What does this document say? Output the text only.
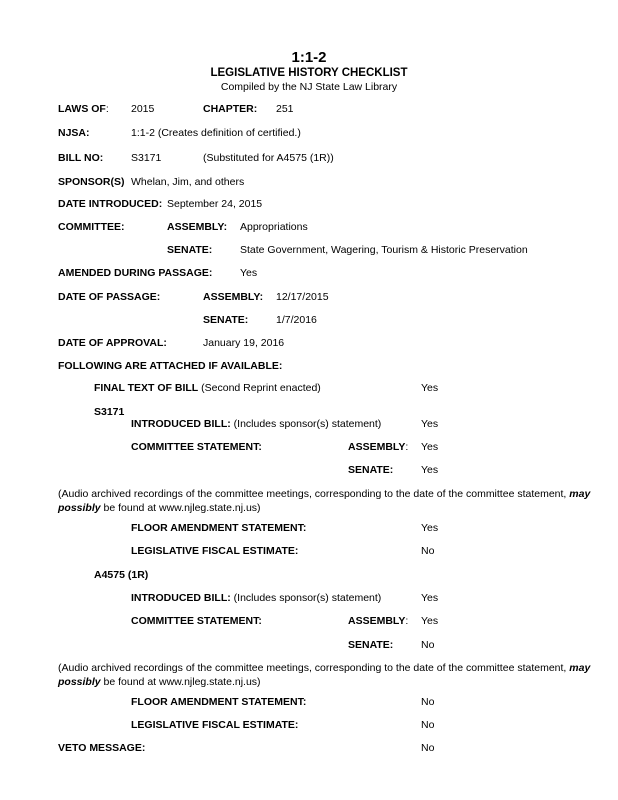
1:1-2
LEGISLATIVE HISTORY CHECKLIST
Compiled by the NJ State Law Library
LAWS OF: 2015	CHAPTER: 251
NJSA:	1:1-2 (Creates definition of certified.)
BILL NO:	S3171	(Substituted for A4575 (1R))
SPONSOR(S) Whelan, Jim, and others
DATE INTRODUCED: September 24, 2015
COMMITTEE:	ASSEMBLY: Appropriations
SENATE:	State Government, Wagering, Tourism & Historic Preservation
AMENDED DURING PASSAGE:	Yes
DATE OF PASSAGE:	ASSEMBLY: 12/17/2015
SENATE:	1/7/2016
DATE OF APPROVAL:	January 19, 2016
FOLLOWING ARE ATTACHED IF AVAILABLE:
FINAL TEXT OF BILL (Second Reprint enacted)	Yes
S3171
INTRODUCED BILL: (Includes sponsor(s) statement)	Yes
COMMITTEE STATEMENT:	ASSEMBLY: Yes
SENATE:	Yes
(Audio archived recordings of the committee meetings, corresponding to the date of the committee statement, may possibly be found at www.njleg.state.nj.us)
FLOOR AMENDMENT STATEMENT:	Yes
LEGISLATIVE FISCAL ESTIMATE:	No
A4575 (1R)
INTRODUCED BILL: (Includes sponsor(s) statement)	Yes
COMMITTEE STATEMENT:	ASSEMBLY: Yes
SENATE:	No
(Audio archived recordings of the committee meetings, corresponding to the date of the committee statement, may possibly be found at www.njleg.state.nj.us)
FLOOR AMENDMENT STATEMENT:	No
LEGISLATIVE FISCAL ESTIMATE:	No
VETO MESSAGE:	No
